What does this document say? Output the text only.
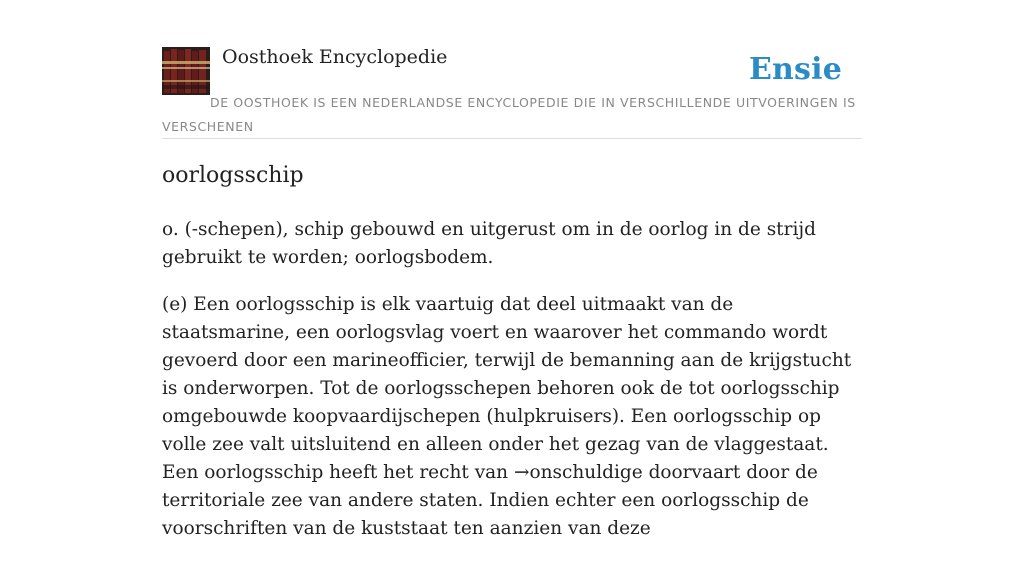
Oosthoek Encyclopedie	Ensie
DE OOSTHOEK IS EEN NEDERLANDSE ENCYCLOPEDIE DIE IN VERSCHILLENDE UITVOERINGEN IS VERSCHENEN
oorlogsschip

o. (-schepen), schip gebouwd en uitgerust om in de oorlog in de strijd gebruikt te worden; oorlogsbodem.

(e) Een oorlogsschip is elk vaartuig dat deel uitmaakt van de staatsmarine, een oorlogsvlag voert en waarover het commando wordt gevoerd door een marineofficier, terwijl de bemanning aan de krijgstucht is onderworpen. Tot de oorlogsschepen behoren ook de tot oorlogsschip omgebouwde koopvaardijschepen (hulpkruisers). Een oorlogsschip op volle zee valt uitsluitend en alleen onder het gezag van de vlaggestaat. Een oorlogsschip heeft het recht van →onschuldige doorvaart door de territoriale zee van andere staten. Indien echter een oorlogsschip de voorschriften van de kuststaat ten aanzien van deze
